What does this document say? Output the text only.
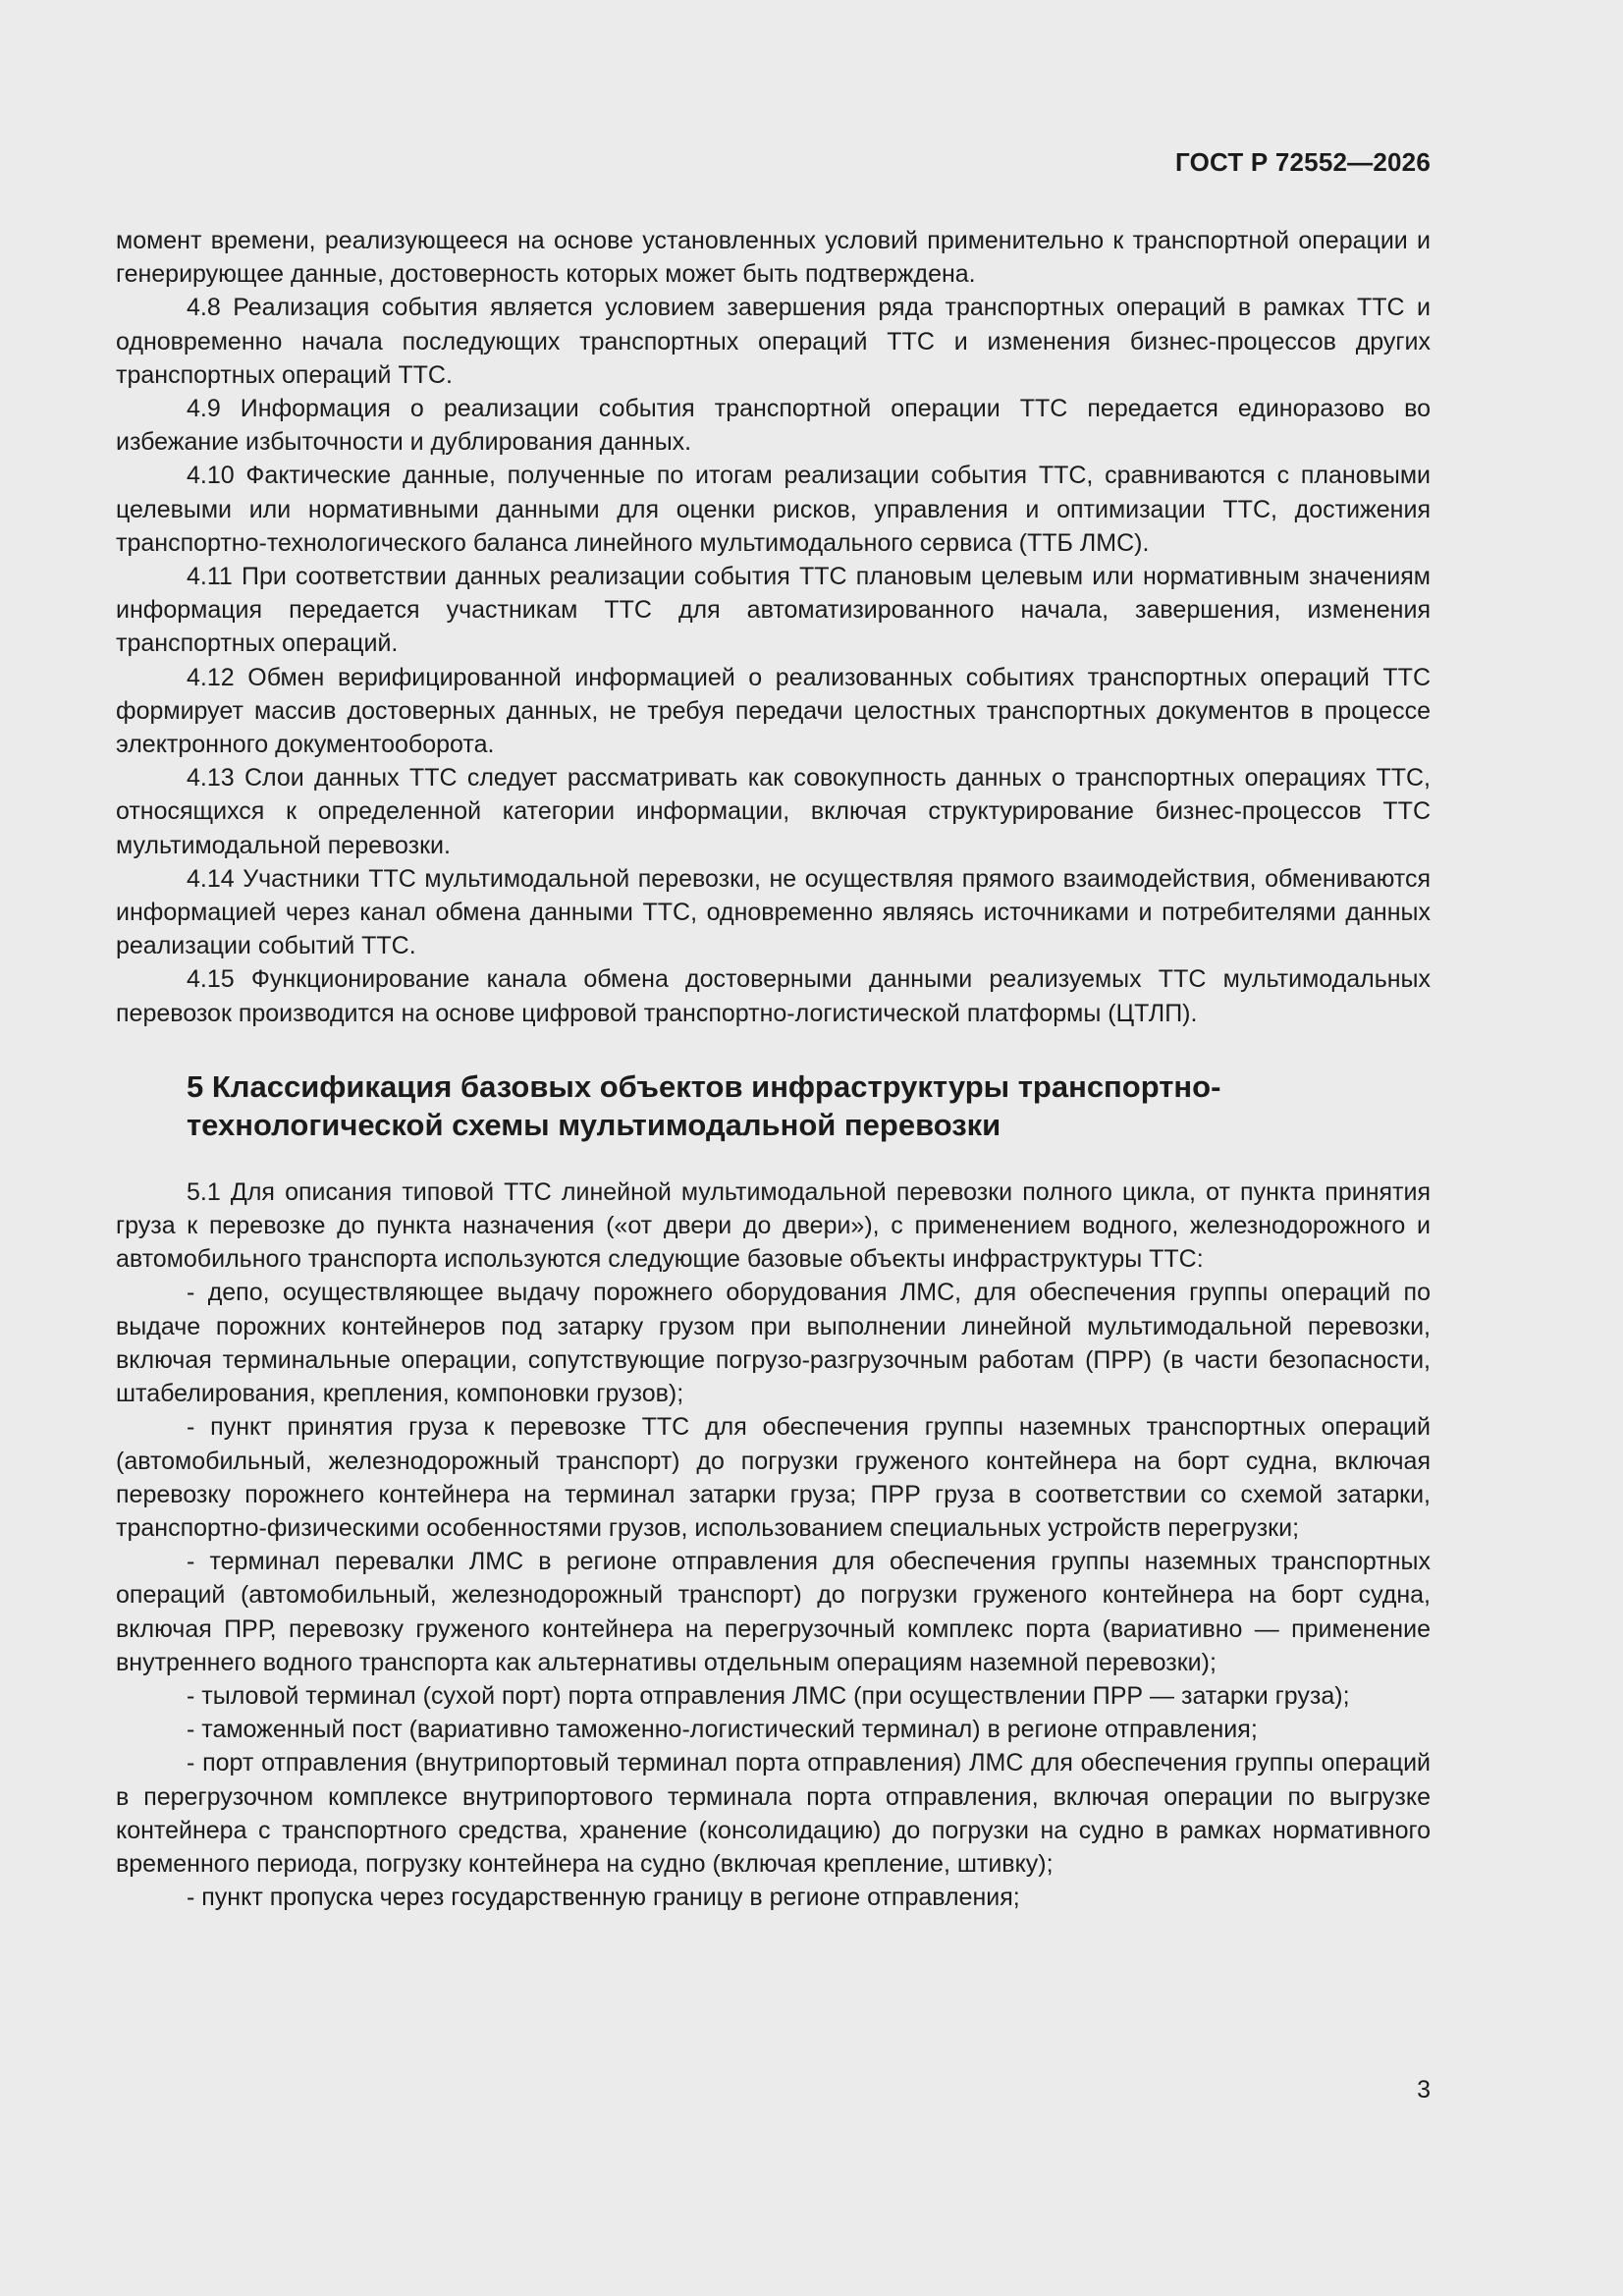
ГОСТ Р 72552—2026

момент времени, реализующееся на основе установленных условий применительно к транспортной операции и генерирующее данные, достоверность которых может быть подтверждена.

4.8 Реализация события является условием завершения ряда транспортных операций в рамках ТТС и одновременно начала последующих транспортных операций ТТС и изменения бизнес-процессов других транспортных операций ТТС.

4.9 Информация о реализации события транспортной операции ТТС передается единоразово во избежание избыточности и дублирования данных.

4.10 Фактические данные, полученные по итогам реализации события ТТС, сравниваются с плановыми целевыми или нормативными данными для оценки рисков, управления и оптимизации ТТС, достижения транспортно-технологического баланса линейного мультимодального сервиса (ТТБ ЛМС).

4.11 При соответствии данных реализации события ТТС плановым целевым или нормативным значениям информация передается участникам ТТС для автоматизированного начала, завершения, изменения транспортных операций.

4.12 Обмен верифицированной информацией о реализованных событиях транспортных операций ТТС формирует массив достоверных данных, не требуя передачи целостных транспортных документов в процессе электронного документооборота.

4.13 Слои данных ТТС следует рассматривать как совокупность данных о транспортных операциях ТТС, относящихся к определенной категории информации, включая структурирование бизнес-процессов ТТС мультимодальной перевозки.

4.14 Участники ТТС мультимодальной перевозки, не осуществляя прямого взаимодействия, обмениваются информацией через канал обмена данными ТТС, одновременно являясь источниками и потребителями данных реализации событий ТТС.

4.15 Функционирование канала обмена достоверными данными реализуемых ТТС мультимодальных перевозок производится на основе цифровой транспортно-логистической платформы (ЦТЛП).

5 Классификация базовых объектов инфраструктуры транспортно-
технологической схемы мультимодальной перевозки

5.1 Для описания типовой ТТС линейной мультимодальной перевозки полного цикла, от пункта принятия груза к перевозке до пункта назначения («от двери до двери»), с применением водного, железнодорожного и автомобильного транспорта используются следующие базовые объекты инфраструктуры ТТС:

- депо, осуществляющее выдачу порожнего оборудования ЛМС, для обеспечения группы операций по выдаче порожних контейнеров под затарку грузом при выполнении линейной мультимодальной перевозки, включая терминальные операции, сопутствующие погрузо-разгрузочным работам (ПРР) (в части безопасности, штабелирования, крепления, компоновки грузов);

- пункт принятия груза к перевозке ТТС для обеспечения группы наземных транспортных операций (автомобильный, железнодорожный транспорт) до погрузки груженого контейнера на борт судна, включая перевозку порожнего контейнера на терминал затарки груза; ПРР груза в соответствии со схемой затарки, транспортно-физическими особенностями грузов, использованием специальных устройств перегрузки;

- терминал перевалки ЛМС в регионе отправления для обеспечения группы наземных транспортных операций (автомобильный, железнодорожный транспорт) до погрузки груженого контейнера на борт судна, включая ПРР, перевозку груженого контейнера на перегрузочный комплекс порта (вариативно — применение внутреннего водного транспорта как альтернативы отдельным операциям наземной перевозки);

- тыловой терминал (сухой порт) порта отправления ЛМС (при осуществлении ПРР — затарки груза);

- таможенный пост (вариативно таможенно-логистический терминал) в регионе отправления;

- порт отправления (внутрипортовый терминал порта отправления) ЛМС для обеспечения группы операций в перегрузочном комплексе внутрипортового терминала порта отправления, включая операции по выгрузке контейнера с транспортного средства, хранение (консолидацию) до погрузки на судно в рамках нормативного временного периода, погрузку контейнера на судно (включая крепление, штивку);

- пункт пропуска через государственную границу в регионе отправления;

3
